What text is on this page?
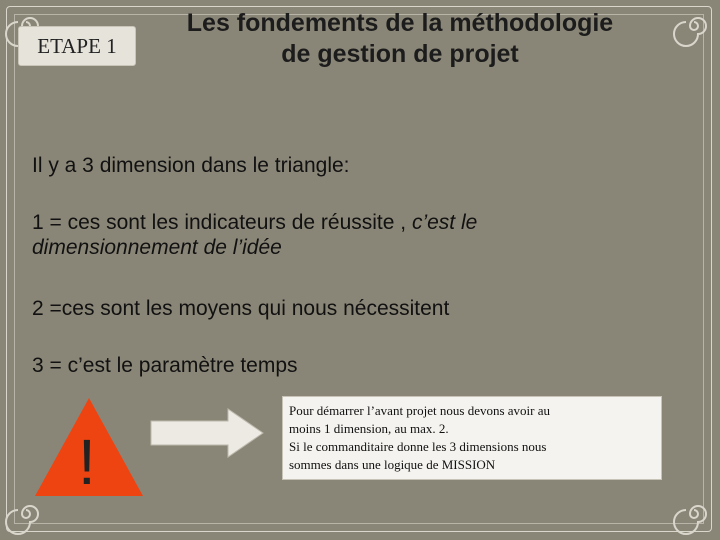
ETAPE 1
Les fondements de la méthodologie
de gestion de projet
Il y a 3 dimension dans le triangle:
1 = ces sont les indicateurs de réussite , c’est le
dimensionnement de l’idée
2 =ces sont les moyens qui nous nécessitent
3 = c’est le paramètre temps
!
Pour démarrer l’avant projet nous devons avoir au
moins 1 dimension, au max. 2.
Si le commanditaire donne les 3 dimensions nous
sommes dans une logique de MISSION
